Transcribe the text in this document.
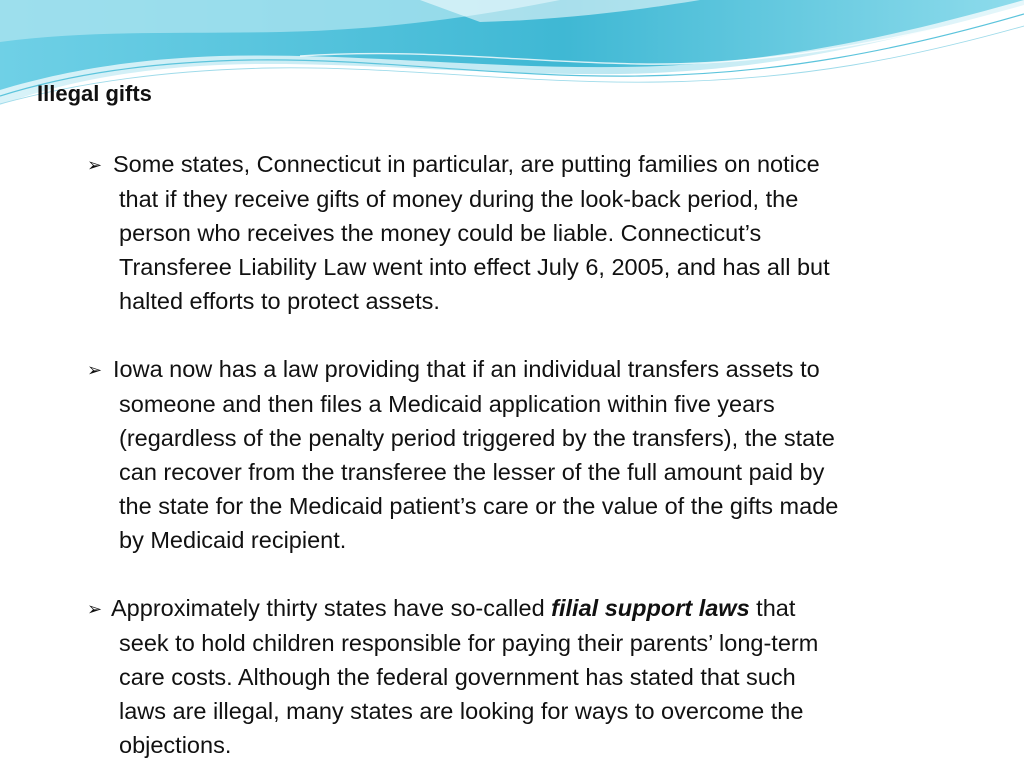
Illegal gifts
➢ Some states, Connecticut in particular, are putting families on notice
that if they receive gifts of money during the look-back period, the
person who receives the money could be liable. Connecticut’s
Transferee Liability Law went into effect July 6, 2005, and has all but
halted efforts to protect assets.
➢ Iowa now has a law providing that if an individual transfers assets to
someone and then files a Medicaid application within five years
(regardless of the penalty period triggered by the transfers), the state
can recover from the transferee the lesser of the full amount paid by
the state for the Medicaid patient’s care or the value of the gifts made
by Medicaid recipient.
➢ Approximately thirty states have so-called filial support laws that
seek to hold children responsible for paying their parents’ long-term
care costs. Although the federal government has stated that such
laws are illegal, many states are looking for ways to overcome the
objections.
